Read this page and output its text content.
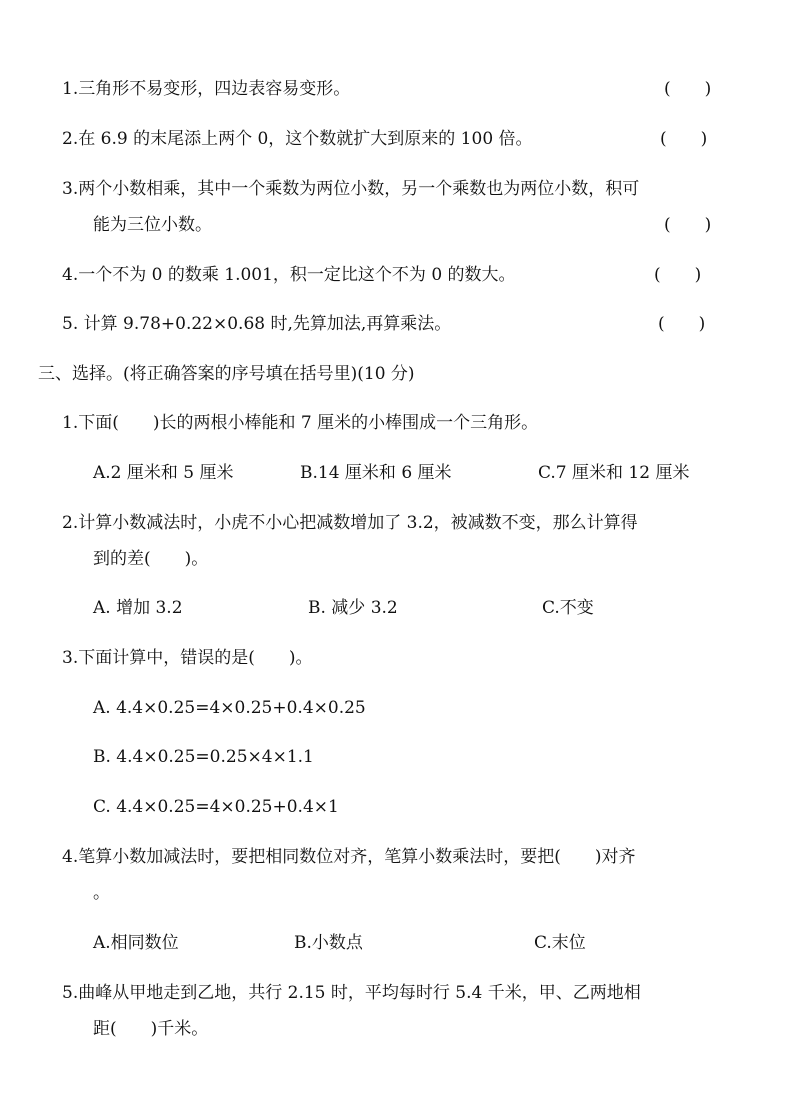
1.三角形不易变形，四边表容易变形。	(　　)
2.在 6.9 的末尾添上两个 0，这个数就扩大到原来的 100 倍。	(　　)
3.两个小数相乘，其中一个乘数为两位小数，另一个乘数也为两位小数，积可
能为三位小数。	(　　)
4.一个不为 0 的数乘 1.001，积一定比这个不为 0 的数大。	(　　)
5. 计算 9.78+0.22×0.68 时,先算加法,再算乘法。	(　　)
三、选择。(将正确答案的序号填在括号里)(10 分)
1.下面(　　)长的两根小棒能和 7 厘米的小棒围成一个三角形。
A.2 厘米和 5 厘米	B.14 厘米和 6 厘米	C.7 厘米和 12 厘米
2.计算小数减法时，小虎不小心把减数增加了 3.2，被减数不变，那么计算得
到的差(　　)。
A. 增加 3.2	B. 减少 3.2	C.不变
3.下面计算中，错误的是(　　)。
A. 4.4×0.25=4×0.25+0.4×0.25
B. 4.4×0.25=0.25×4×1.1
C. 4.4×0.25=4×0.25+0.4×1
4.笔算小数加减法时，要把相同数位对齐，笔算小数乘法时，要把(　　)对齐
。
A.相同数位	B.小数点	C.末位
5.曲峰从甲地走到乙地，共行 2.15 时，平均每时行 5.4 千米，甲、乙两地相
距(　　)千米。
